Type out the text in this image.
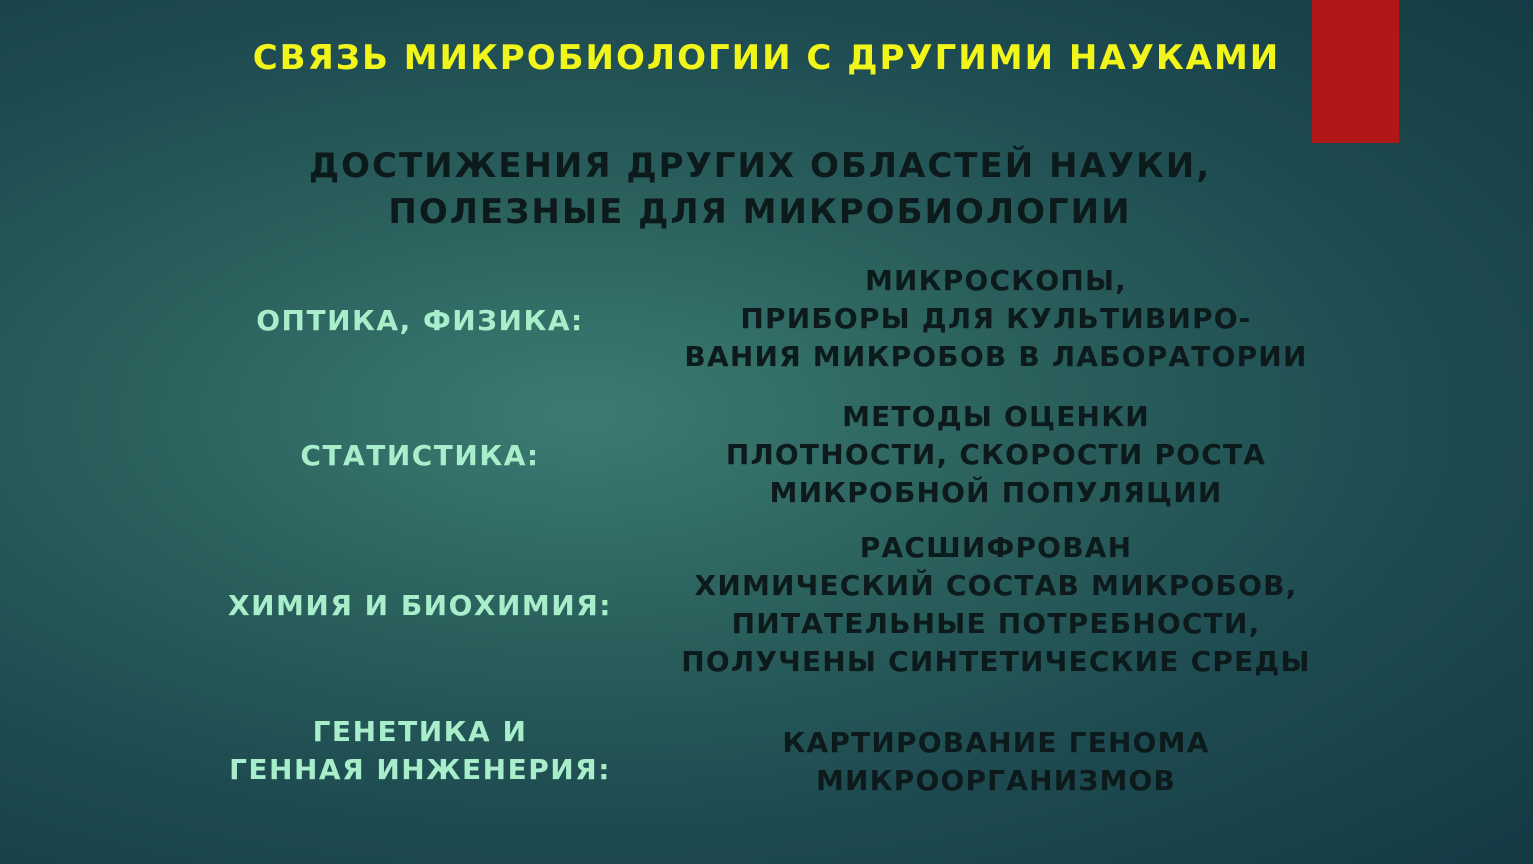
СВЯЗЬ МИКРОБИОЛОГИИ С ДРУГИМИ НАУКАМИ
ДОСТИЖЕНИЯ ДРУГИХ ОБЛАСТЕЙ НАУКИ,
ПОЛЕЗНЫЕ ДЛЯ МИКРОБИОЛОГИИ
ОПТИКА, ФИЗИКА:
МИКРОСКОПЫ,
ПРИБОРЫ ДЛЯ КУЛЬТИВИРО-
ВАНИЯ МИКРОБОВ В ЛАБОРАТОРИИ
СТАТИСТИКА:
МЕТОДЫ ОЦЕНКИ
ПЛОТНОСТИ, СКОРОСТИ РОСТА
МИКРОБНОЙ ПОПУЛЯЦИИ
ХИМИЯ И БИОХИМИЯ:
РАСШИФРОВАН
ХИМИЧЕСКИЙ СОСТАВ МИКРОБОВ,
ПИТАТЕЛЬНЫЕ ПОТРЕБНОСТИ,
ПОЛУЧЕНЫ СИНТЕТИЧЕСКИЕ СРЕДЫ
ГЕНЕТИКА И
ГЕННАЯ ИНЖЕНЕРИЯ:
КАРТИРОВАНИЕ ГЕНОМА
МИКРООРГАНИЗМОВ
